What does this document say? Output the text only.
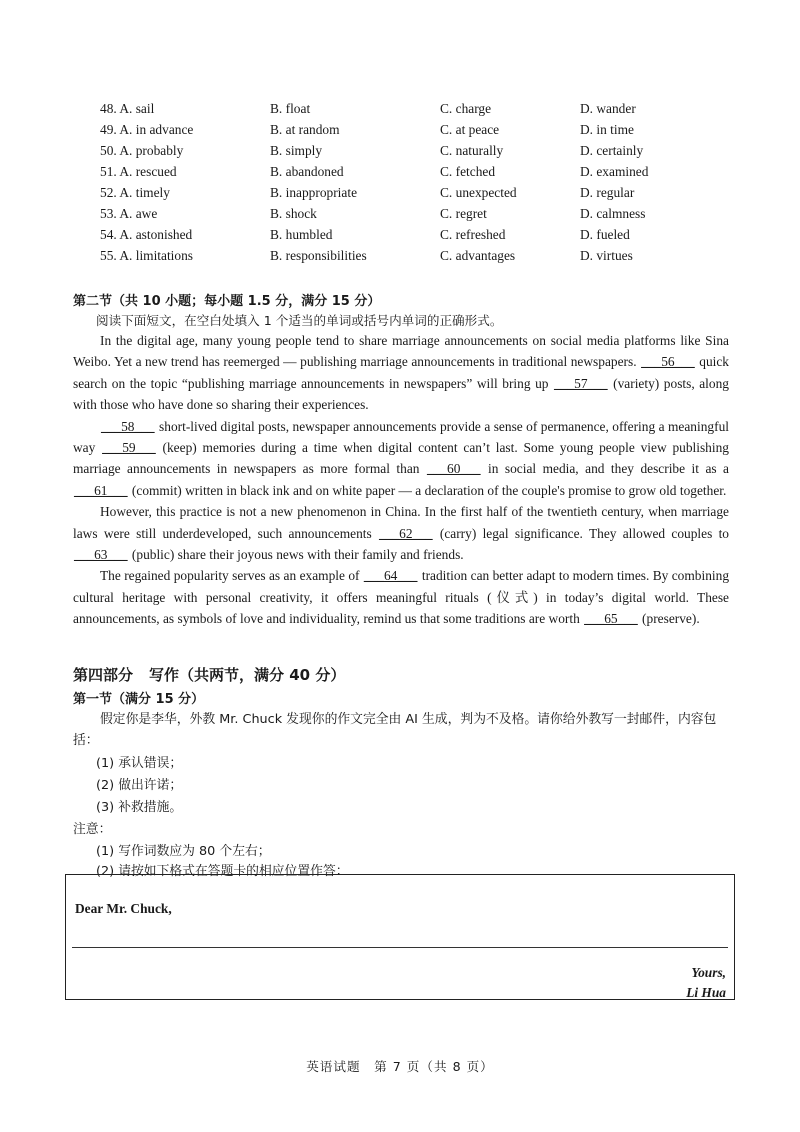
48. A. sail	B. float	C. charge	D. wander
49. A. in advance	B. at random	C. at peace	D. in time
50. A. probably	B. simply	C. naturally	D. certainly
51. A. rescued	B. abandoned	C. fetched	D. examined
52. A. timely	B. inappropriate	C. unexpected	D. regular
53. A. awe	B. shock	C. regret	D. calmness
54. A. astonished	B. humbled	C. refreshed	D. fueled
55. A. limitations	B. responsibilities	C. advantages	D. virtues
第二节（共 10 小题；每小题 1.5 分，满分 15 分）
阅读下面短文，在空白处填入 1 个适当的单词或括号内单词的正确形式。

In the digital age, many young people tend to share marriage announcements on social media platforms like Sina Weibo. Yet a new trend has reemerged — publishing marriage announcements in traditional newspapers. ___56___ quick search on the topic “publishing marriage announcements in newspapers” will bring up ___57___ (variety) posts, along with those who have done so sharing their experiences.

___58___ short-lived digital posts, newspaper announcements provide a sense of permanence, offering a meaningful way ___59___ (keep) memories during a time when digital content can’t last. Some young people view publishing marriage announcements in newspapers as more formal than ___60___ in social media, and they describe it as a ___61___ (commit) written in black ink and on white paper — a declaration of the couple's promise to grow old together.

However, this practice is not a new phenomenon in China. In the first half of the twentieth century, when marriage laws were still underdeveloped, such announcements ___62___ (carry) legal significance. They allowed couples to ___63___ (public) share their joyous news with their family and friends.

The regained popularity serves as an example of ___64___ tradition can better adapt to modern times. By combining cultural heritage with personal creativity, it offers meaningful rituals (仪式) in today’s digital world. These announcements, as symbols of love and individuality, remind us that some traditions are worth ___65___ (preserve).

第四部分 写作（共两节，满分 40 分）
第一节（满分 15 分）
假定你是李华，外教 Mr. Chuck 发现你的作文完全由 AI 生成，判为不及格。请你给外教写一封邮件，内容包括：
(1) 承认错误；
(2) 做出许诺；
(3) 补救措施。
注意：
(1) 写作词数应为 80 个左右；
(2) 请按如下格式在答题卡的相应位置作答：
Dear Mr. Chuck,
Yours,
Li Hua
英语试题　第 7 页（共 8 页）
